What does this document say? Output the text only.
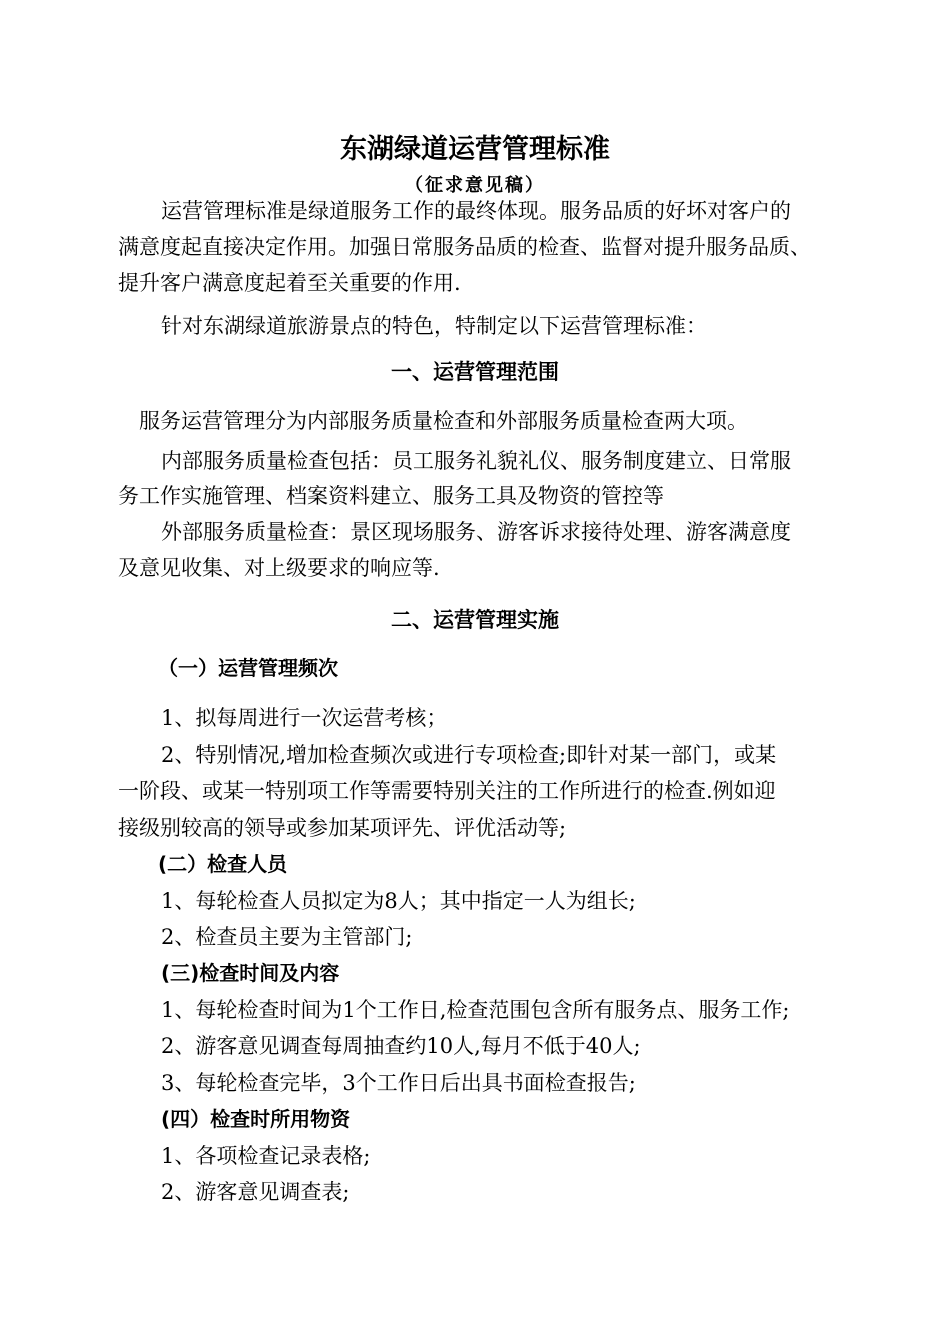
东湖绿道运营管理标准
（征求意见稿）
运营管理标准是绿道服务工作的最终体现。服务品质的好坏对客户的
满意度起直接决定作用。加强日常服务品质的检查、监督对提升服务品质、
提升客户满意度起着至关重要的作用.
针对东湖绿道旅游景点的特色，特制定以下运营管理标准：
一、运营管理范围
服务运营管理分为内部服务质量检查和外部服务质量检查两大项。
内部服务质量检查包括：员工服务礼貌礼仪、服务制度建立、日常服
务工作实施管理、档案资料建立、服务工具及物资的管控等
外部服务质量检查：景区现场服务、游客诉求接待处理、游客满意度
及意见收集、对上级要求的响应等.
二、运营管理实施
（一）运营管理频次
1、拟每周进行一次运营考核；
2、特别情况,增加检查频次或进行专项检查;即针对某一部门，或某
一阶段、或某一特别项工作等需要特别关注的工作所进行的检查.例如迎
接级别较高的领导或参加某项评先、评优活动等;
(二）检查人员
1、每轮检查人员拟定为8人；其中指定一人为组长;
2、检查员主要为主管部门;
(三)检查时间及内容
1、每轮检查时间为1个工作日,检查范围包含所有服务点、服务工作;
2、游客意见调查每周抽查约10人,每月不低于40人;
3、每轮检查完毕，3个工作日后出具书面检查报告;
(四）检查时所用物资
1、各项检查记录表格;
2、游客意见调查表;
